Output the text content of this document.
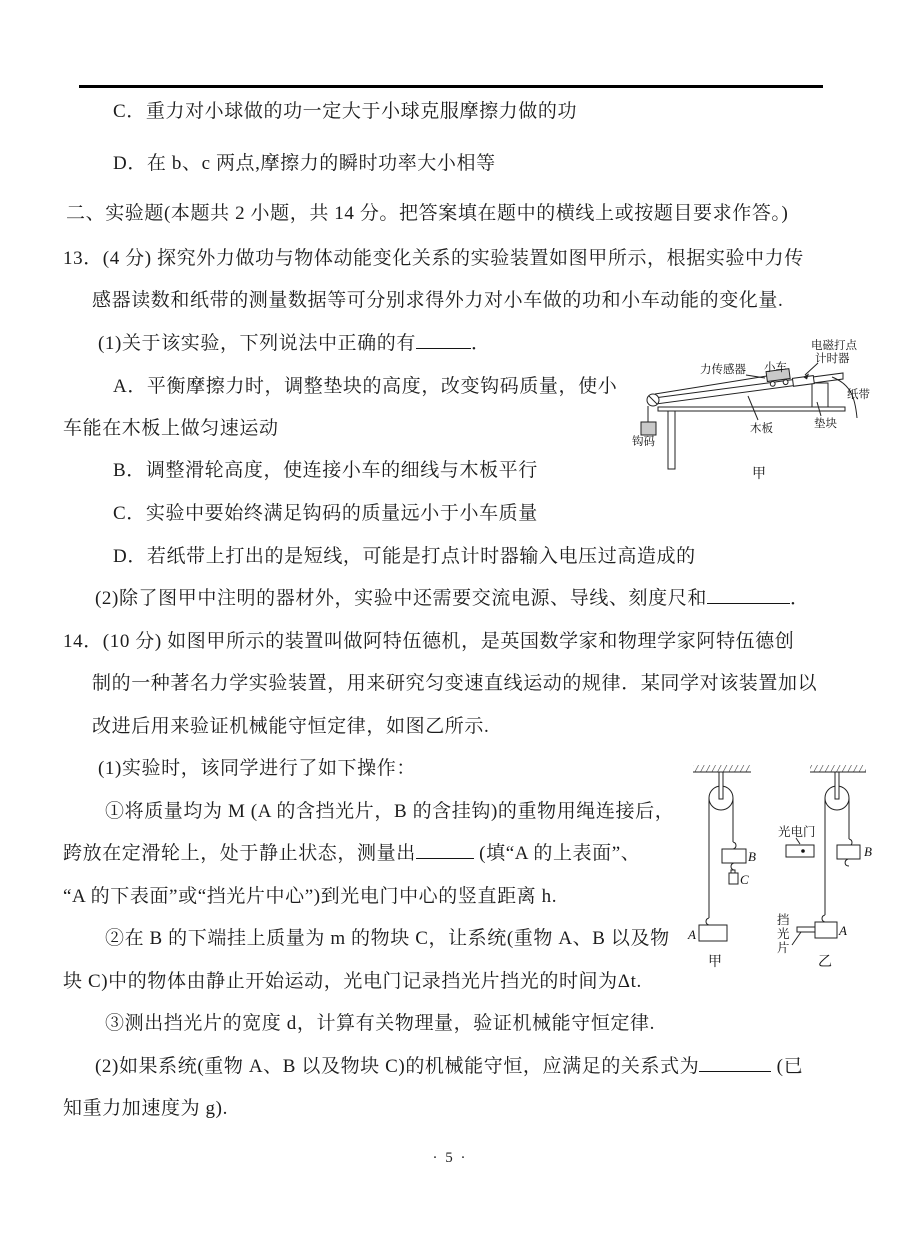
C．重力对小球做的功一定大于小球克服摩擦力做的功
D．在 b、c 两点,摩擦力的瞬时功率大小相等
二、实验题(本题共 2 小题，共 14 分。把答案填在题中的横线上或按题目要求作答。)
13．(4 分) 探究外力做功与物体动能变化关系的实验装置如图甲所示，根据实验中力传
感器读数和纸带的测量数据等可分别求得外力对小车做的功和小车动能的变化量.
(1)关于该实验，下列说法中正确的有	．
A．平衡摩擦力时，调整垫块的高度，改变钩码质量，使小
车能在木板上做匀速运动
B．调整滑轮高度，使连接小车的细线与木板平行
C．实验中要始终满足钩码的质量远小于小车质量
D．若纸带上打出的是短线，可能是打点计时器输入电压过高造成的
(2)除了图甲中注明的器材外，实验中还需要交流电源、导线、刻度尺和	．
电磁打点
计时器
力传感器 小车
纸带
木板	垫块
钩码
甲
14．(10 分) 如图甲所示的装置叫做阿特伍德机，是英国数学家和物理学家阿特伍德创
制的一种著名力学实验装置，用来研究匀变速直线运动的规律．某同学对该装置加以
改进后用来验证机械能守恒定律，如图乙所示.
(1)实验时，该同学进行了如下操作：
①将质量均为 M (A 的含挡光片，B 的含挂钩)的重物用绳连接后，
跨放在定滑轮上，处于静止状态，测量出	(填“A 的上表面”、
“A 的下表面”或“挡光片中心”)到光电门中心的竖直距离 h.
②在 B 的下端挂上质量为 m 的物块 C，让系统(重物 A、B 以及物
块 C)中的物体由静止开始运动，光电门记录挡光片挡光的时间为Δt.
③测出挡光片的宽度 d，计算有关物理量，验证机械能守恒定律.
(2)如果系统(重物 A、B 以及物块 C)的机械能守恒，应满足的关系式为	(已
知重力加速度为 g).
A
B
C
甲
光电门
挡
光
片
A
B
乙
· 5 ·
